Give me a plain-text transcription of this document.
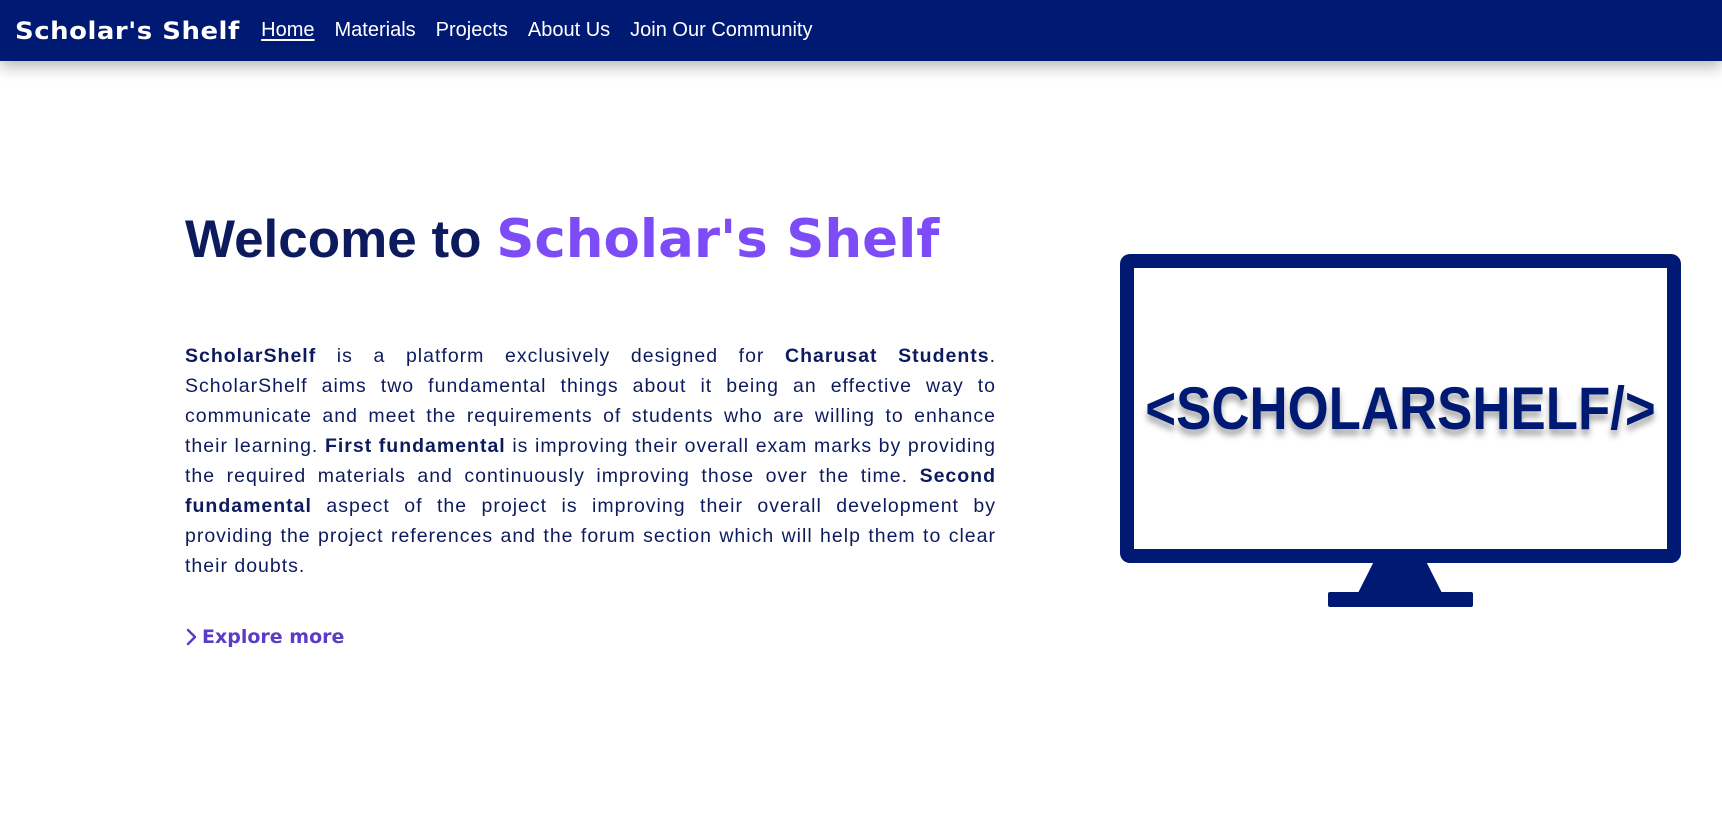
Scholar's Shelf Home Materials Projects About Us Join Our Community
Welcome to Scholar's Shelf

ScholarShelf is a platform exclusively designed for Charusat Students. ScholarShelf aims two fundamental things about it being an effective way to communicate and meet the requirements of students who are willing to enhance their learning. First fundamental is improving their overall exam marks by providing the required materials and continuously improving those over the time. Second fundamental aspect of the project is improving their overall development by providing the project references and the forum section which will help them to clear their doubts.

Explore more
<SCHOLARSHELF/>
